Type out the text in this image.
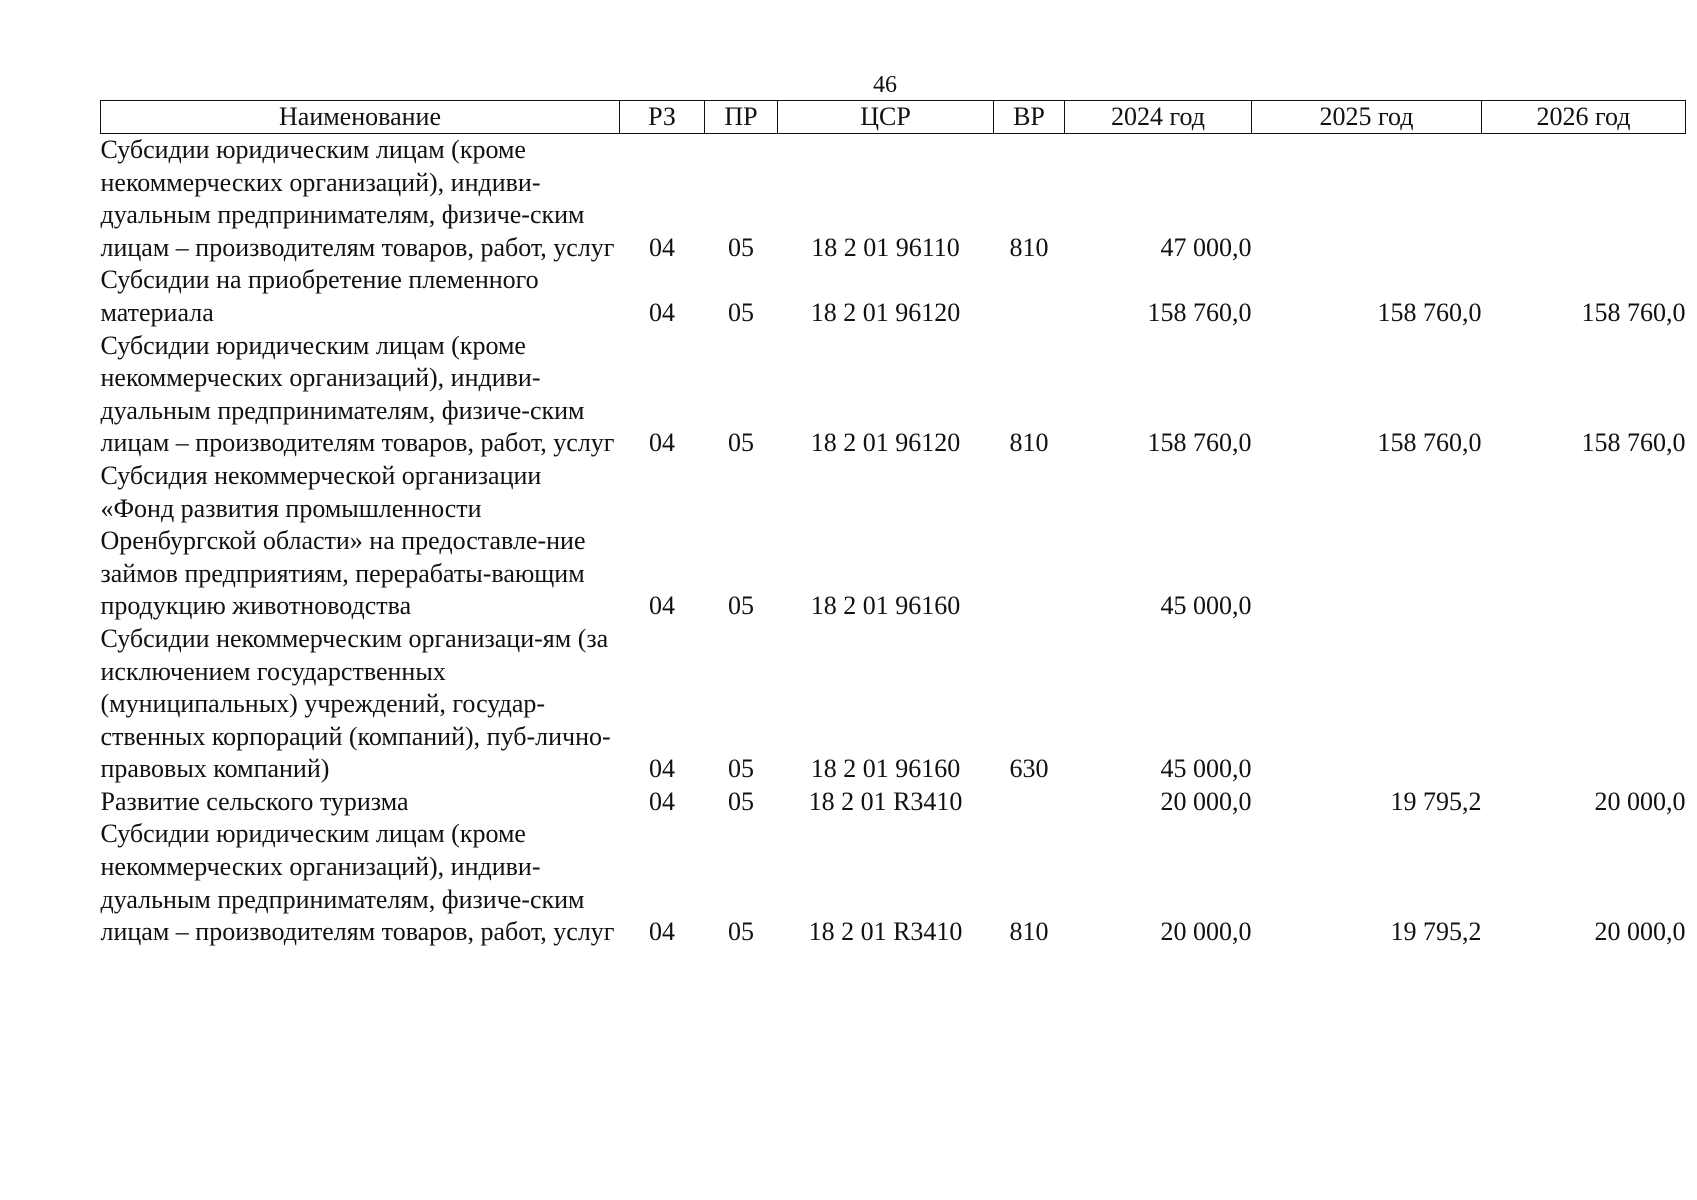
46
Наименование	РЗ	ПР	ЦСР	ВР	2024 год	2025 год	2026 год
Субсидии юридическим лицам (кроме некоммерческих организаций), индиви-дуальным предпринимателям, физиче-ским лицам – производителям товаров, работ, услуг	04	05	18 2 01 96110	810	47 000,0		
Субсидии на приобретение племенного материала	04	05	18 2 01 96120		158 760,0	158 760,0	158 760,0
Субсидии юридическим лицам (кроме некоммерческих организаций), индиви-дуальным предпринимателям, физиче-ским лицам – производителям товаров, работ, услуг	04	05	18 2 01 96120	810	158 760,0	158 760,0	158 760,0
Субсидия некоммерческой организации «Фонд развития промышленности Оренбургской области» на предоставле-ние займов предприятиям, перерабаты-вающим продукцию животноводства	04	05	18 2 01 96160		45 000,0		
Субсидии некоммерческим организаци-ям (за исключением государственных (муниципальных) учреждений, государ-ственных корпораций (компаний), пуб-лично-правовых компаний)	04	05	18 2 01 96160	630	45 000,0		
Развитие сельского туризма	04	05	18 2 01 R3410		20 000,0	19 795,2	20 000,0
Субсидии юридическим лицам (кроме некоммерческих организаций), индиви-дуальным предпринимателям, физиче-ским лицам – производителям товаров, работ, услуг	04	05	18 2 01 R3410	810	20 000,0	19 795,2	20 000,0
